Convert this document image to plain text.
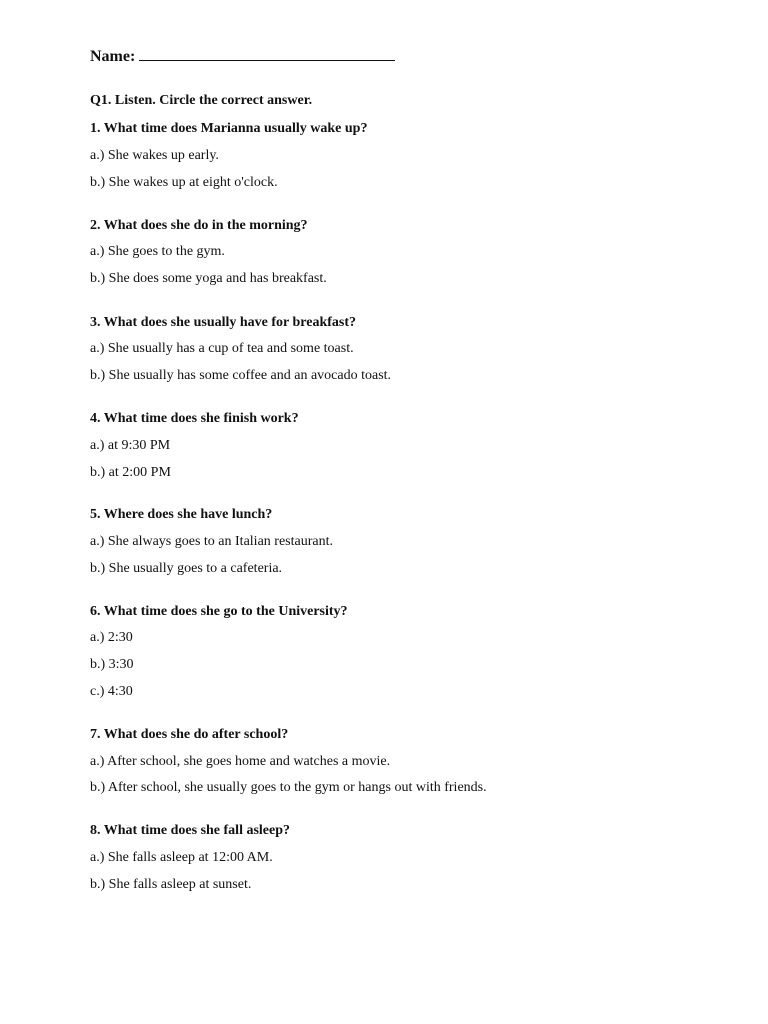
Name:
Q1. Listen. Circle the correct answer.
1. What time does Marianna usually wake up?
a.) She wakes up early.
b.) She wakes up at eight o'clock.
2. What does she do in the morning?
a.) She goes to the gym.
b.) She does some yoga and has breakfast.
3. What does she usually have for breakfast?
a.) She usually has a cup of tea and some toast.
b.) She usually has some coffee and an avocado toast.
4. What time does she finish work?
a.) at 9:30 PM
b.) at 2:00 PM
5. Where does she have lunch?
a.) She always goes to an Italian restaurant.
b.) She usually goes to a cafeteria.
6. What time does she go to the University?
a.) 2:30
b.) 3:30
c.) 4:30
7. What does she do after school?
a.) After school, she goes home and watches a movie.
b.) After school, she usually goes to the gym or hangs out with friends.
8. What time does she fall asleep?
a.) She falls asleep at 12:00 AM.
b.) She falls asleep at sunset.
